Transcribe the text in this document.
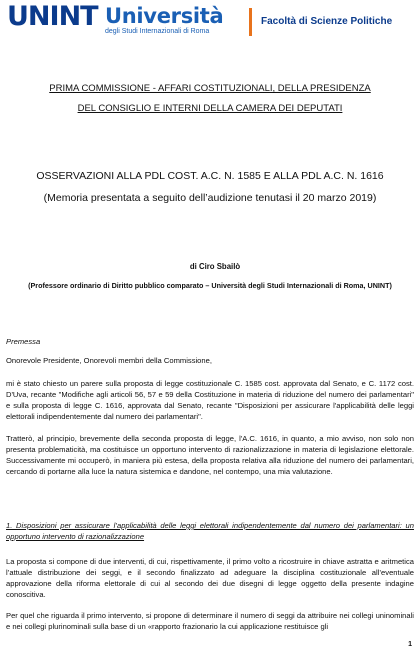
UNINT Università
degli Studi Internazionali di Roma
Facoltà di Scienze Politiche
PRIMA COMMISSIONE - AFFARI COSTITUZIONALI, DELLA PRESIDENZA
DEL CONSIGLIO E INTERNI DELLA CAMERA DEI DEPUTATI
OSSERVAZIONI ALLA PDL COST. A.C. N. 1585 E ALLA PDL A.C. N. 1616
(Memoria presentata a seguito dell’audizione tenutasi il 20 marzo 2019)
di Ciro Sbailò
(Professore ordinario di Diritto pubblico comparato – Università degli Studi Internazionali di Roma, UNINT)
Premessa
Onorevole Presidente, Onorevoli membri della Commissione,
mi è stato chiesto un parere sulla proposta di legge costituzionale C. 1585 cost. approvata dal Senato, e C. 1172 cost. D'Uva, recante "Modifiche agli articoli 56, 57 e 59 della Costituzione in materia di riduzione del numero dei parlamentari" e sulla proposta di legge C. 1616, approvata dal Senato, recante "Disposizioni per assicurare l'applicabilità delle leggi elettorali indipendentemente dal numero dei parlamentari".
Tratterò, al principio, brevemente della seconda proposta di legge, l'A.C. 1616, in quanto, a mio avviso, non solo non presenta problematicità, ma costituisce un opportuno intervento di razionalizzazione in materia di legislazione elettorale. Successivamente mi occuperò, in maniera più estesa, della proposta relativa alla riduzione del numero dei parlamentari, cercando di portarne alla luce la natura sistemica e dandone, nel contempo, una mia valutazione.
1. Disposizioni per assicurare l’applicabilità delle leggi elettorali indipendentemente dal numero dei parlamentari: un opportuno intervento di razionalizzazione
La proposta si compone di due interventi, di cui, rispettivamente, il primo volto a ricostruire in chiave astratta e aritmetica l’attuale distribuzione dei seggi, e il secondo finalizzato ad adeguare la disciplina costituzionale all’eventuale approvazione della riforma elettorale di cui al secondo dei due disegni di legge oggetto della presente indagine conoscitiva.
Per quel che riguarda il primo intervento, si propone di determinare il numero di seggi da attribuire nei collegi uninominali e nei collegi plurinominali sulla base di un «rapporto frazionario la cui applicazione restituisce gli
1
